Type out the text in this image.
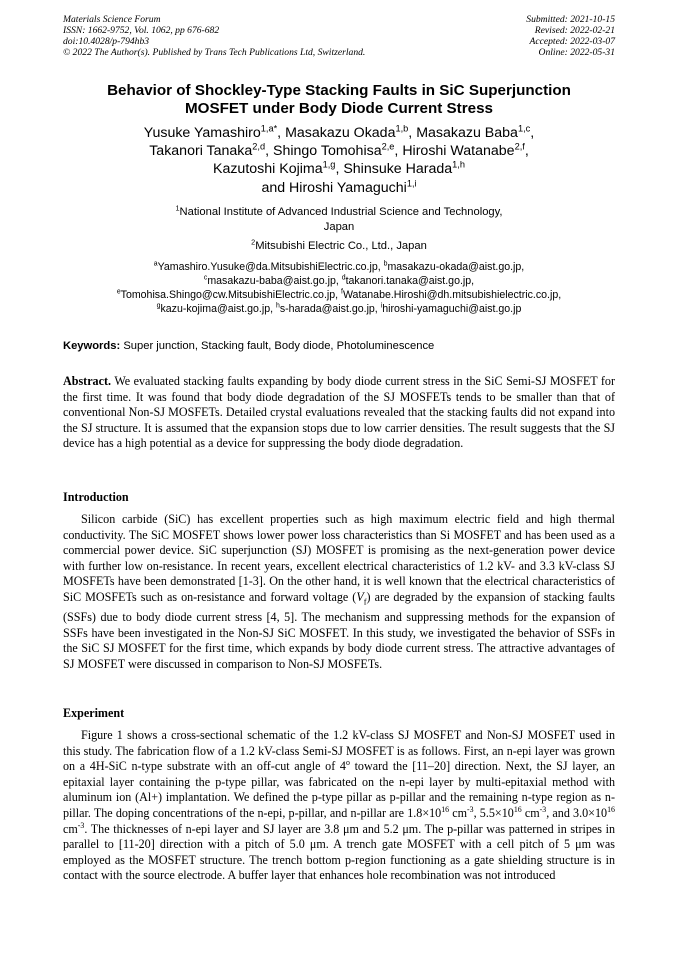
Materials Science Forum
ISSN: 1662-9752, Vol. 1062, pp 676-682
doi:10.4028/p-794hb3
© 2022 The Author(s). Published by Trans Tech Publications Ltd, Switzerland.
Submitted: 2021-10-15
Revised: 2022-02-21
Accepted: 2022-03-07
Online: 2022-05-31
Behavior of Shockley-Type Stacking Faults in SiC Superjunction
MOSFET under Body Diode Current Stress
Yusuke Yamashiro$^{1,a*}$, Masakazu Okada$^{1,b}$, Masakazu Baba$^{1,c}$,
Takanori Tanaka$^{2,d}$, Shingo Tomohisa$^{2,e}$, Hiroshi Watanabe$^{2,f}$,
Kazutoshi Kojima$^{1,g}$, Shinsuke Harada$^{1,h}$
and Hiroshi Yamaguchi$^{1,i}$
$^1$National Institute of Advanced Industrial Science and Technology,
Japan
$^2$Mitsubishi Electric Co., Ltd., Japan
$^a$Yamashiro.Yusuke@da.MitsubishiElectric.co.jp, $^b$masakazu-okada@aist.go.jp,
$^c$masakazu-baba@aist.go.jp, $^d$takanori.tanaka@aist.go.jp,
$^e$Tomohisa.Shingo@cw.MitsubishiElectric.co.jp, $^f$Watanabe.Hiroshi@dh.mitsubishielectric.co.jp,
$^g$kazu-kojima@aist.go.jp, $^h$s-harada@aist.go.jp, $^i$hiroshi-yamaguchi@aist.go.jp
Keywords: Super junction, Stacking fault, Body diode, Photoluminescence
Abstract. We evaluated stacking faults expanding by body diode current stress in the SiC Semi-SJ MOSFET for the first time. It was found that body diode degradation of the SJ MOSFETs tends to be smaller than that of conventional Non-SJ MOSFETs. Detailed crystal evaluations revealed that the stacking faults did not expand into the SJ structure. It is assumed that the expansion stops due to low carrier densities. The result suggests that the SJ device has a high potential as a device for suppressing the body diode degradation.
Introduction
Silicon carbide (SiC) has excellent properties such as high maximum electric field and high thermal conductivity. The SiC MOSFET shows lower power loss characteristics than Si MOSFET and has been used as a commercial power device. SiC superjunction (SJ) MOSFET is promising as the next-generation power device with further low on-resistance. In recent years, excellent electrical characteristics of 1.2 kV- and 3.3 kV-class SJ MOSFETs have been demonstrated [1-3]. On the other hand, it is well known that the electrical characteristics of SiC MOSFETs such as on-resistance and forward voltage $(V_f)$ are degraded by the expansion of stacking faults (SSFs) due to body diode current stress [4, 5]. The mechanism and suppressing methods for the expansion of SSFs have been investigated in the Non-SJ SiC MOSFET. In this study, we investigated the behavior of SSFs in the SiC SJ MOSFET for the first time, which expands by body diode current stress. The attractive advantages of SJ MOSFET were discussed in comparison to Non-SJ MOSFETs.
Experiment
Figure 1 shows a cross-sectional schematic of the 1.2 kV-class SJ MOSFET and Non-SJ MOSFET used in this study. The fabrication flow of a 1.2 kV-class Semi-SJ MOSFET is as follows. First, an n-epi layer was grown on a 4H-SiC n-type substrate with an off-cut angle of 4$^o$ toward the [11–20] direction. Next, the SJ layer, an epitaxial layer containing the p-type pillar, was fabricated on the n-epi layer by multi-epitaxial method with aluminum ion (Al+) implantation. We defined the p-type pillar as p-pillar and the remaining n-type region as n-pillar. The doping concentrations of the n-epi, p-pillar, and n-pillar are $1.8\times 10^{16}$ $cm^{-3}$, $5.5\times 10^{16}$ $cm^{-3}$, and $3.0\times 10^{16}$ $cm^{-3}$. The thicknesses of n-epi layer and SJ layer are 3.8 μm and 5.2 μm. The p-pillar was patterned in stripes in parallel to [11-20] direction with a pitch of 5.0 μm. A trench gate MOSFET with a cell pitch of 5 μm was employed as the MOSFET structure. The trench bottom p-region functioning as a gate shielding structure is in contact with the source electrode. A buffer layer that enhances hole recombination was not introduced
